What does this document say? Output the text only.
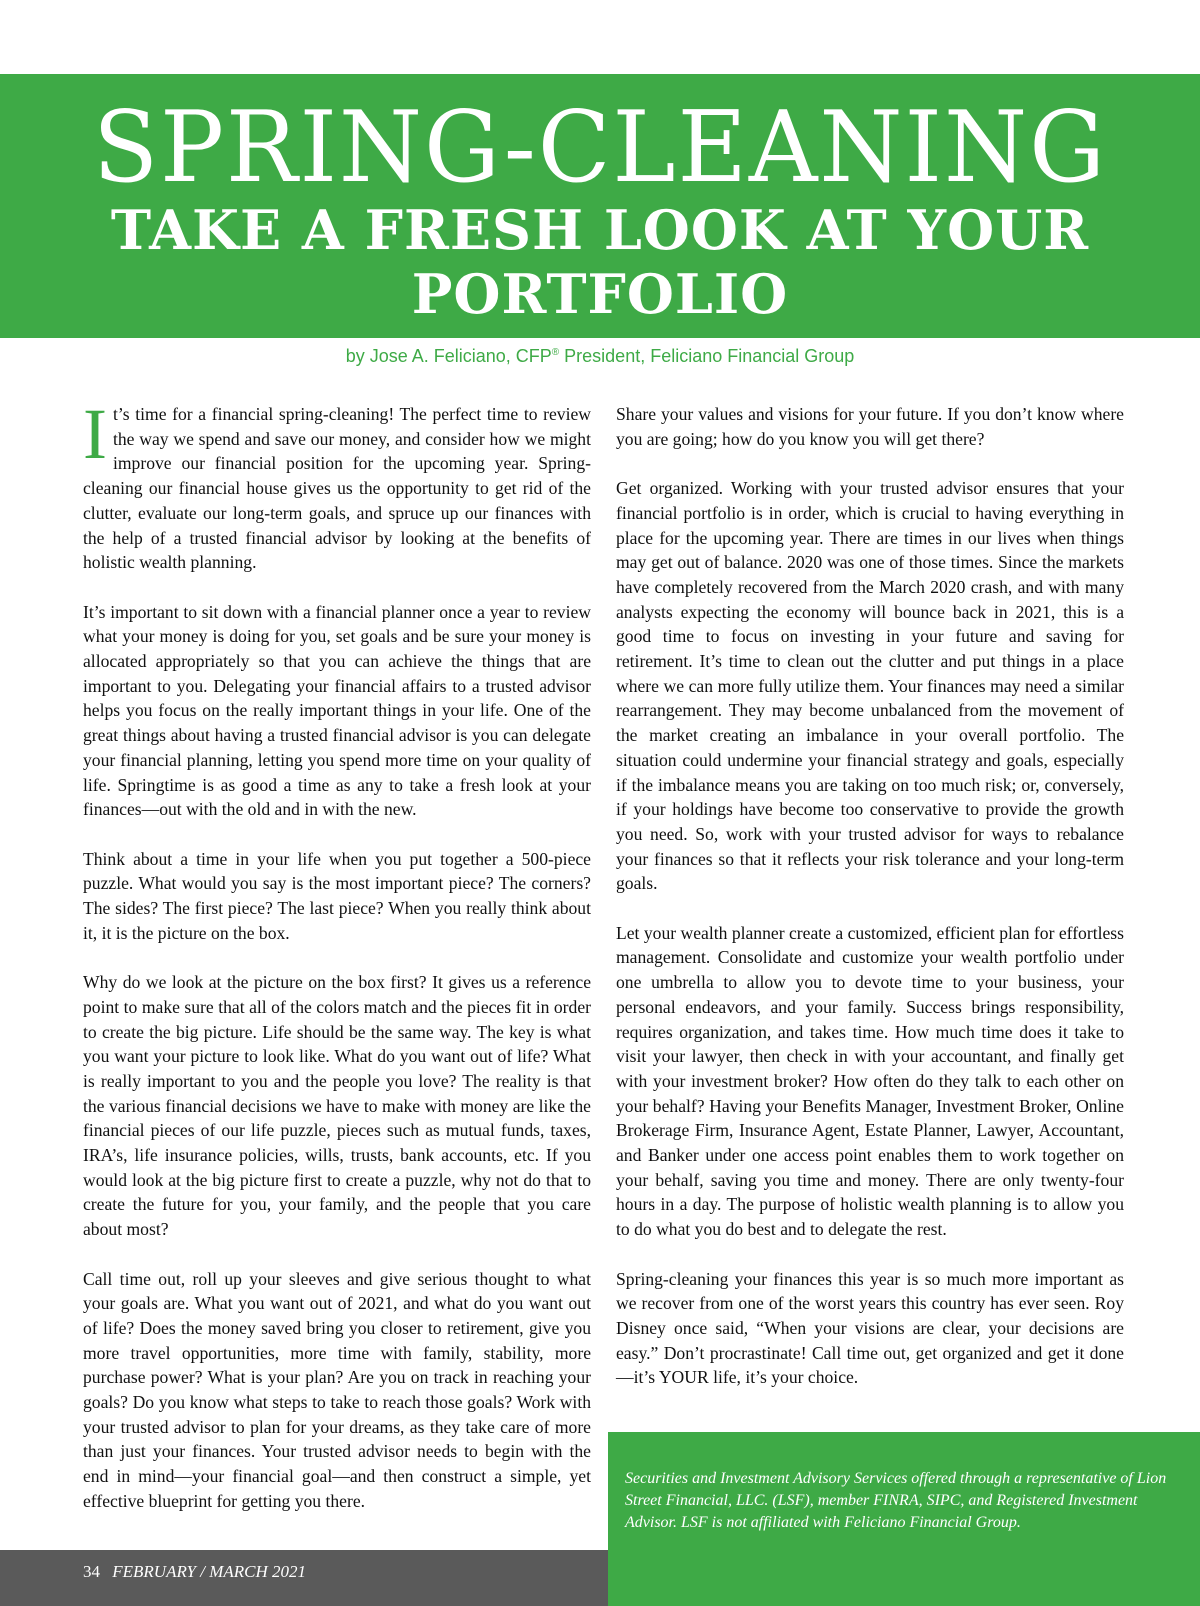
SPRING-CLEANING
TAKE A FRESH LOOK AT YOUR PORTFOLIO
by Jose A. Feliciano, CFP® President, Feliciano Financial Group

It’s time for a financial spring-cleaning! The perfect time to review the way we spend and save our money, and consider how we might improve our financial position for the upcoming year. Spring-cleaning our financial house gives us the opportunity to get rid of the clutter, evaluate our long-term goals, and spruce up our finances with the help of a trusted financial advisor by looking at the benefits of holistic wealth planning.

It’s important to sit down with a financial planner once a year to review what your money is doing for you, set goals and be sure your money is allocated appropriately so that you can achieve the things that are important to you. Delegating your financial affairs to a trusted advisor helps you focus on the really important things in your life. One of the great things about having a trusted financial advisor is you can delegate your financial planning, letting you spend more time on your quality of life. Springtime is as good a time as any to take a fresh look at your finances—out with the old and in with the new.

Think about a time in your life when you put together a 500-piece puzzle. What would you say is the most important piece? The corners? The sides? The first piece? The last piece? When you really think about it, it is the picture on the box.

Why do we look at the picture on the box first? It gives us a reference point to make sure that all of the colors match and the pieces fit in order to create the big picture. Life should be the same way. The key is what you want your picture to look like. What do you want out of life? What is really important to you and the people you love? The reality is that the various financial decisions we have to make with money are like the financial pieces of our life puzzle, pieces such as mutual funds, taxes, IRA’s, life insurance policies, wills, trusts, bank accounts, etc. If you would look at the big picture first to create a puzzle, why not do that to create the future for you, your family, and the people that you care about most?

Call time out, roll up your sleeves and give serious thought to what your goals are. What you want out of 2021, and what do you want out of life? Does the money saved bring you closer to retirement, give you more travel opportunities, more time with family, stability, more purchase power? What is your plan? Are you on track in reaching your goals? Do you know what steps to take to reach those goals? Work with your trusted advisor to plan for your dreams, as they take care of more than just your finances. Your trusted advisor needs to begin with the end in mind—your financial goal—and then construct a simple, yet effective blueprint for getting you there.

Share your values and visions for your future. If you don’t know where you are going; how do you know you will get there?

Get organized. Working with your trusted advisor ensures that your financial portfolio is in order, which is crucial to having everything in place for the upcoming year. There are times in our lives when things may get out of balance. 2020 was one of those times. Since the markets have completely recovered from the March 2020 crash, and with many analysts expecting the economy will bounce back in 2021, this is a good time to focus on investing in your future and saving for retirement. It’s time to clean out the clutter and put things in a place where we can more fully utilize them. Your finances may need a similar rearrangement. They may become unbalanced from the movement of the market creating an imbalance in your overall portfolio. The situation could undermine your financial strategy and goals, especially if the imbalance means you are taking on too much risk; or, conversely, if your holdings have become too conservative to provide the growth you need. So, work with your trusted advisor for ways to rebalance your finances so that it reflects your risk tolerance and your long-term goals.

Let your wealth planner create a customized, efficient plan for effortless management. Consolidate and customize your wealth portfolio under one umbrella to allow you to devote time to your business, your personal endeavors, and your family. Success brings responsibility, requires organization, and takes time. How much time does it take to visit your lawyer, then check in with your accountant, and finally get with your investment broker? How often do they talk to each other on your behalf? Having your Benefits Manager, Investment Broker, Online Brokerage Firm, Insurance Agent, Estate Planner, Lawyer, Accountant, and Banker under one access point enables them to work together on your behalf, saving you time and money. There are only twenty-four hours in a day. The purpose of holistic wealth planning is to allow you to do what you do best and to delegate the rest.

Spring-cleaning your finances this year is so much more important as we recover from one of the worst years this country has ever seen. Roy Disney once said, “When your visions are clear, your decisions are easy.” Don’t procrastinate! Call time out, get organized and get it done—it’s YOUR life, it’s your choice.

Securities and Investment Advisory Services offered through a representative of Lion Street Financial, LLC. (LSF), member FINRA, SIPC, and Registered Investment Advisor. LSF is not affiliated with Feliciano Financial Group.
34 FEBRUARY / MARCH 2021
